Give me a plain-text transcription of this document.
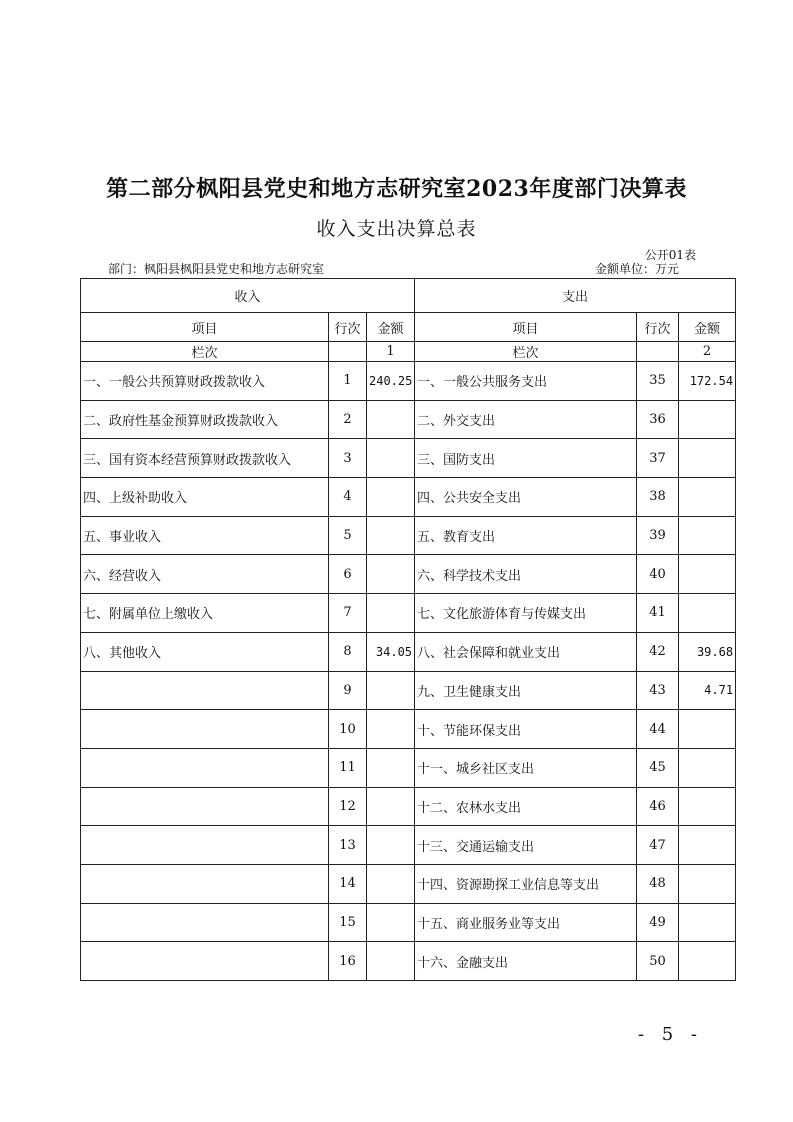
第二部分枫阳县党史和地方志研究室2023年度部门决算表
收入支出决算总表
公开01表
部门：枫阳县枫阳县党史和地方志研究室	金额单位：万元
收入			支出		
项目	行次	金额	项目	行次	金额
栏次		1	栏次		2
一、一般公共预算财政拨款收入	1	240.25	一、一般公共服务支出	35	172.54
二、政府性基金预算财政拨款收入	2		二、外交支出	36	
三、国有资本经营预算财政拨款收入	3		三、国防支出	37	
四、上级补助收入	4		四、公共安全支出	38	
五、事业收入	5		五、教育支出	39	
六、经营收入	6		六、科学技术支出	40	
七、附属单位上缴收入	7		七、文化旅游体育与传媒支出	41	
八、其他收入	8	34.05	八、社会保障和就业支出	42	39.68
	9		九、卫生健康支出	43	4.71
	10		十、节能环保支出	44	
	11		十一、城乡社区支出	45	
	12		十二、农林水支出	46	
	13		十三、交通运输支出	47	
	14		十四、资源勘探工业信息等支出	48	
	15		十五、商业服务业等支出	49	
	16		十六、金融支出	50	
- 5 -
